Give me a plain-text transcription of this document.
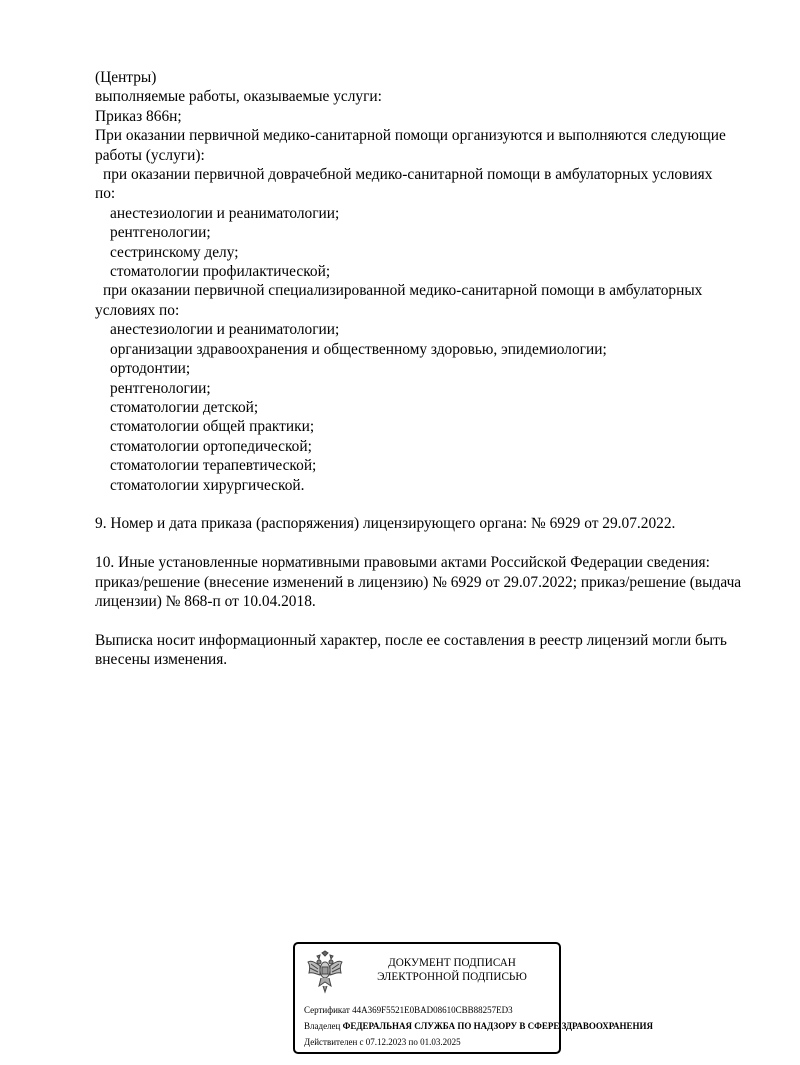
(Центры)
выполняемые работы, оказываемые услуги:
Приказ 866н;
При оказании первичной медико-санитарной помощи организуются и выполняются следующие
работы (услуги):
при оказании первичной доврачебной медико-санитарной помощи в амбулаторных условиях
по:
анестезиологии и реаниматологии;
рентгенологии;
сестринскому делу;
стоматологии профилактической;
при оказании первичной специализированной медико-санитарной помощи в амбулаторных
условиях по:
анестезиологии и реаниматологии;
организации здравоохранения и общественному здоровью, эпидемиологии;
ортодонтии;
рентгенологии;
стоматологии детской;
стоматологии общей практики;
стоматологии ортопедической;
стоматологии терапевтической;
стоматологии хирургической.
9. Номер и дата приказа (распоряжения) лицензирующего органа: № 6929 от 29.07.2022.
10. Иные установленные нормативными правовыми актами Российской Федерации сведения:
приказ/решение (внесение изменений в лицензию) № 6929 от 29.07.2022; приказ/решение (выдача
лицензии) № 868-п от 10.04.2018.
Выписка носит информационный характер, после ее составления в реестр лицензий могли быть
внесены изменения.
ДОКУМЕНТ ПОДПИСАН
ЭЛЕКТРОННОЙ ПОДПИСЬЮ
Сертификат 44A369F5521E0BAD08610CBB88257ED3
Владелец ФЕДЕРАЛЬНАЯ СЛУЖБА ПО НАДЗОРУ В СФЕРЕ ЗДРАВООХРАНЕНИЯ
Действителен с 07.12.2023 по 01.03.2025
